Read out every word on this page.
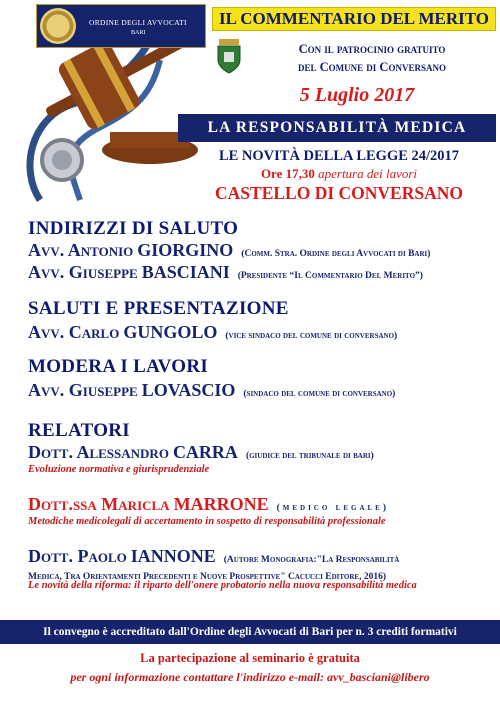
ORDINE DEGLI AVVOCATI
BARI
IL COMMENTARIO DEL MERITO
Con il patrocinio gratuito
del Comune di Conversano
5 Luglio 2017
LA RESPONSABILITÀ MEDICA
LE NOVITÀ DELLA LEGGE 24/2017
Ore 17,30 apertura dei lavori
CASTELLO DI CONVERSANO
INDIRIZZI DI SALUTO
Avv. Antonio GIORGINO (Comm. Stra. Ordine degli Avvocati di Bari)
Avv. Giuseppe BASCIANI (Presidente “Il Commentario Del Merito”)
SALUTI E PRESENTAZIONE
Avv. Carlo GUNGOLO (vice sindaco del comune di conversano)
MODERA I LAVORI
Avv. Giuseppe LOVASCIO (sindaco del comune di conversano)
RELATORI
Dott. Alessandro CARRA (giudice del tribunale di bari)
Evoluzione normativa e giurisprudenziale
Dott.ssa Maricla MARRONE (medico legale)
Metodiche medicolegali di accertamento in sospetto di responsabilità professionale
Dott. Paolo IANNONE (Autore Monografia:"La Responsabilità
Medica, Tra Orientamenti Precedenti e Nuove Prospettive" Cacucci Editore, 2016)
Le novità della riforma: il riparto dell'onere probatorio nella nuova responsabilità medica
Il convegno è accreditato dall'Ordine degli Avvocati di Bari per n. 3 crediti formativi
La partecipazione al seminario è gratuita
per ogni informazione contattare l'indirizzo e-mail: avv_basciani@libero
